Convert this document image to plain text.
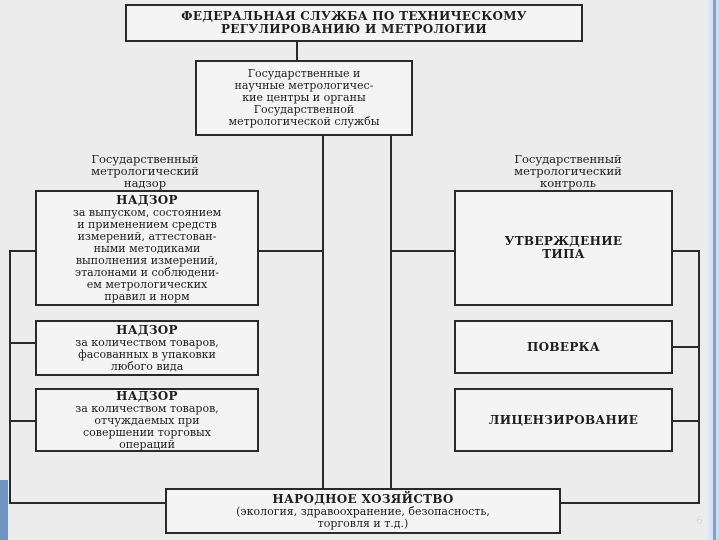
ФЕДЕРАЛЬНАЯ СЛУЖБА ПО ТЕХНИЧЕСКОМУ
РЕГУЛИРОВАНИЮ И МЕТРОЛОГИИ
Государственные и
научные метрологичес-
кие центры и органы
Государственной
метрологической службы
Государственный
метрологический
надзор
Государственный
метрологический
контроль
НАДЗОР
за выпуском, состоянием
и применением средств
измерений, аттестован-
ными методиками
выполнения измерений,
эталонами и соблюдени-
ем метрологических
правил и норм
НАДЗОР
за количеством товаров,
фасованных в упаковки
любого вида
НАДЗОР
за количеством товаров,
отчуждаемых при
совершении торговых
операций
УТВЕРЖДЕНИЕ
ТИПА
ПОВЕРКА
ЛИЦЕНЗИРОВАНИЕ
НАРОДНОЕ ХОЗЯЙСТВО
(экология, здравоохранение, безопасность,
торговля и т.д.)	6
